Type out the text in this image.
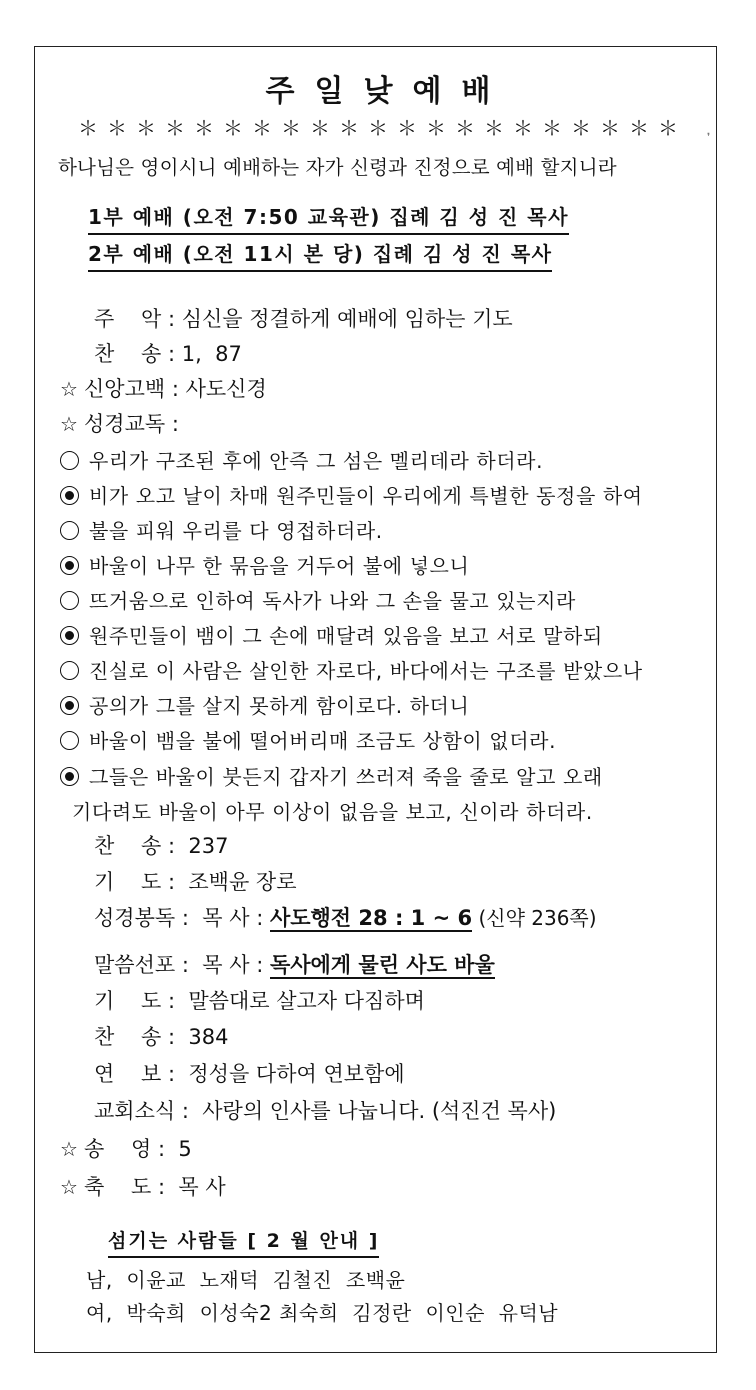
❜
주일낮예배
＊＊＊＊＊＊＊＊＊＊＊＊＊＊＊＊＊＊＊＊＊
하나님은 영이시니 예배하는 자가 신령과 진정으로 예배 할지니라
1부 예배 (오전 7:50 교육관) 집례 김 성 진 목사
2부 예배 (오전 11시 본 당) 집례 김 성 진 목사
주    악 : 심신을 정결하게 예배에 임하는 기도
찬    송 : 1,  87
☆ 신앙고백 : 사도신경
☆ 성경교독 :
우리가 구조된 후에 안즉 그 섬은 멜리데라 하더라.
비가 오고 날이 차매 원주민들이 우리에게 특별한 동정을 하여
불을 피워 우리를 다 영접하더라.
바울이 나무 한 묶음을 거두어 불에 넣으니
뜨거움으로 인하여 독사가 나와 그 손을 물고 있는지라
원주민들이 뱀이 그 손에 매달려 있음을 보고 서로 말하되
진실로 이 사람은 살인한 자로다, 바다에서는 구조를 받았으나
공의가 그를 살지 못하게 함이로다. 하더니
바울이 뱀을 불에 떨어버리매 조금도 상함이 없더라.
그들은 바울이 붓든지 갑자기 쓰러져 죽을 줄로 알고 오래
기다려도 바울이 아무 이상이 없음을 보고, 신이라 하더라.
찬    송 :  237
기    도 :  조백윤 장로
성경봉독 :  목 사 : 사도행전 28 : 1 ~ 6 (신약 236쪽)
말씀선포 :  목 사 : 독사에게 물린 사도 바울
기    도 :  말씀대로 살고자 다짐하며
찬    송 :  384
연    보 :  정성을 다하여 연보함에
교회소식 :  사랑의 인사를 나눕니다. (석진건 목사)
☆ 송    영 :  5
☆ 축    도 :  목 사
섬기는 사람들 [ 2 월 안내 ]
남,  이윤교  노재덕  김철진  조백윤
여,  박숙희  이성숙2 최숙희  김정란  이인순  유덕남
